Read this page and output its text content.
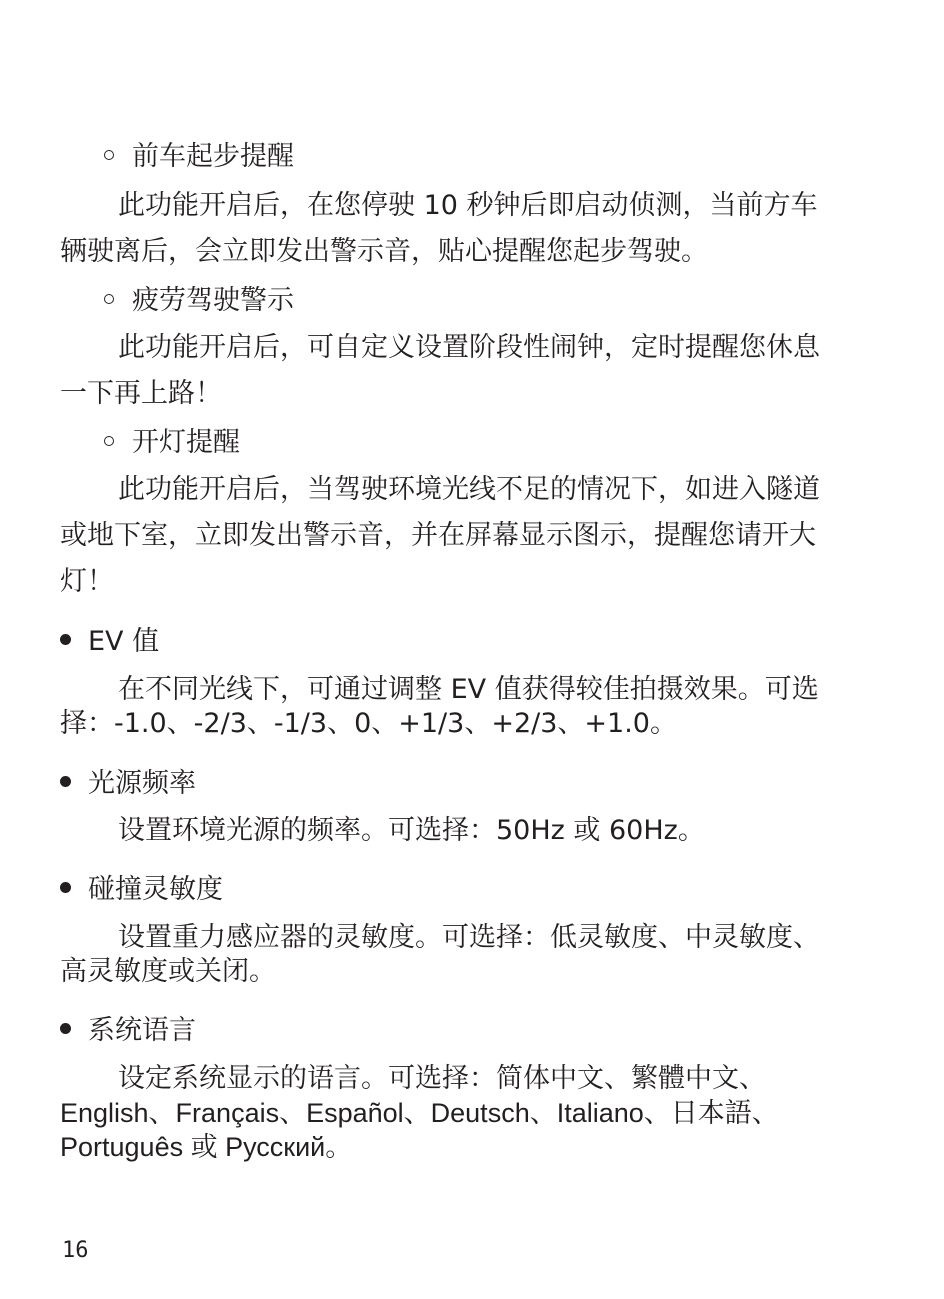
前车起步提醒
此功能开启后，在您停驶 10 秒钟后即启动侦测，当前方车
辆驶离后，会立即发出警示音，贴心提醒您起步驾驶。
疲劳驾驶警示
此功能开启后，可自定义设置阶段性闹钟，定时提醒您休息
一下再上路！
开灯提醒
此功能开启后，当驾驶环境光线不足的情况下，如进入隧道
或地下室，立即发出警示音，并在屏幕显示图示，提醒您请开大
灯！
EV 值
在不同光线下，可通过调整 EV 值获得较佳拍摄效果。可选
择：-1.0、-2/3、-1/3、0、+1/3、+2/3、+1.0。
光源频率
设置环境光源的频率。可选择：50Hz 或 60Hz。
碰撞灵敏度
设置重力感应器的灵敏度。可选择：低灵敏度、中灵敏度、
高灵敏度或关闭。
系统语言
设定系统显示的语言。可选择：简体中文、繁體中文、
English、Français、Español、Deutsch、Italiano、日本語、
Português 或 Русский。
16
